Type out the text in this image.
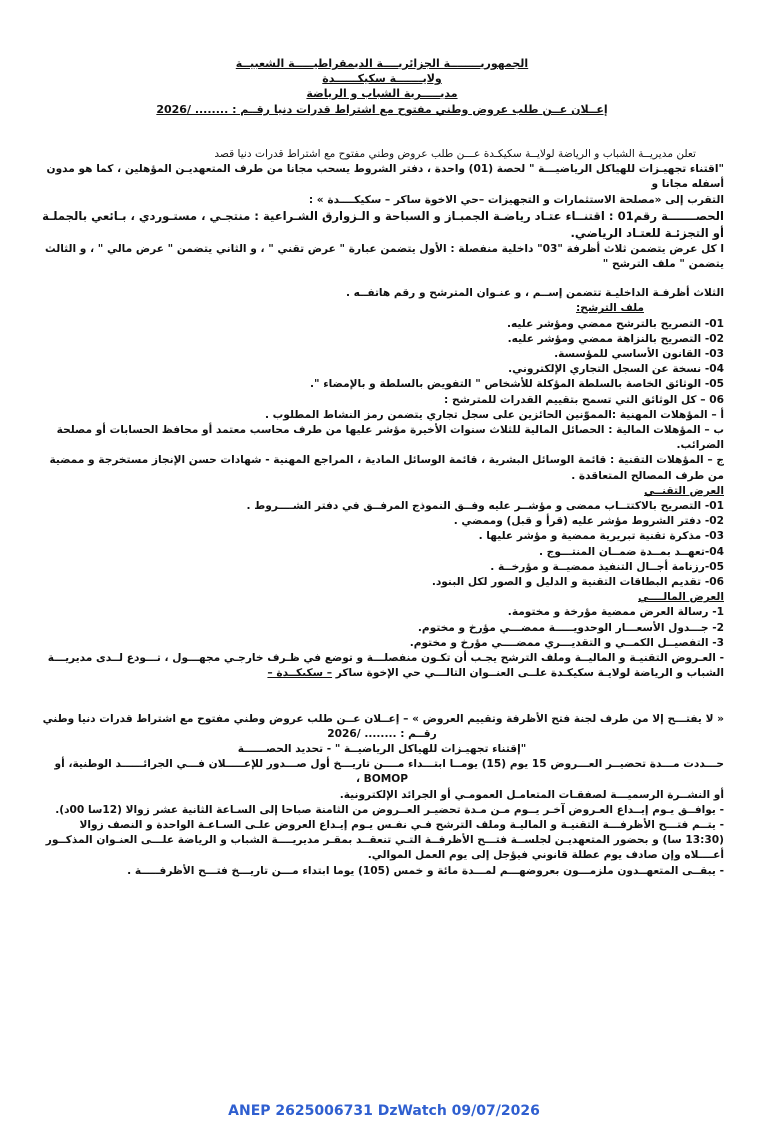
الجمهوريــــــــة الجزائريــــة الديمقراطيـــــة الشعبيــة
ولايـــــــة سكيكــــــدة
مديـــــرية الشباب و الرياضة
إعــلان عــن طلب عروض وطني مفتوح مع اشتراط قدرات دنيا رقــم : ........ /2026

تعلن مديريــة الشباب و الرياضة لولايــة سكيكـدة عـــن طلب عروض وطني مفتوح مع اشتراط قدرات دنيا قصد

"اقتناء تجهيـزات للهياكل الرياضيـــة " لحصة (01) واحدة ، دفتر الشروط يسحب مجانا من طرف المتعهديـن المؤهلين ، كما هو مدون أسفله مجانا و

التقرب إلى «مصلحة الاستثمارات و التجهيزات –حي الاخوة ساكر – سكيكــــدة » :

الحصـــــــة رقم01 : اقتنــاء عتـاد رياضـة الجمبـاز و السباحة و الـزوارق الشـراعية : منتجـي ، مستـوردي ، بـائعي بالجملـة أو التجزئـة للعتـاد الرياضي.

ا كل عرض يتضمن ثلاث أظرفة "03" داخلية منفصلة : الأول يتضمن عبارة " عرض تقني " ، و الثاني يتضمن " عرض مالي " ، و الثالث يتضمن " ملف الترشح "

الثلاث أظرفـة الداخليـة تتضمن إســم ، و عنـوان المترشح و رقم هاتفــه .

ملف الترشح:

01- التصريح بالترشح ممضي ومؤشر عليه.

02- التصريح بالنزاهة ممضي ومؤشر عليه.

03- القانون الأساسي للمؤسسة.

04- نسخة عن السجل التجاري الإلكتروني.

05- الوثائق الخاصة بالسلطة المؤكلة للأشخاص " التفويض بالسلطة و بالإمضاء ".

06 – كل الوثائق التي تسمح بتقييم القدرات للمترشح :

أ – المؤهلات المهنية :المموّنين الحائزين على سجل تجاري يتضمن رمز النشاط المطلوب .

ب – المؤهلات المالية : الحصائل المالية للثلاث سنوات الأخيرة مؤشر عليها من طرف محاسب معتمد أو محافظ الحسابات أو مصلحة الضرائب.

ج – المؤهلات التقنية : قائمة الوسائل البشرية ، قائمة الوسائل المادية ، المراجع المهنية - شهادات حسن الإنجاز مستخرجة و ممضية من طرف المصالح المتعاقدة .

العرض التقنــي

01- التصريح بالاكتتــاب ممضى و مؤشــر عليه وفــق النموذج المرفــق في دفتر الشــــروط .

02- دفتر الشروط مؤشر عليه (قرأ و قبل) وممضي .

03- مذكرة تقنية تبريرية ممضية و مؤشر عليها .

04-تعهــد بمــدة ضمــان المنتـــوج .

05-رزنامة أجــال التنفيذ ممضيــة و مؤرخــة .

06- تقديم البطاقات التقنية و الدليل و الصور لكل البنود.

العرض المالــــي

1- رسالة العرض ممضية مؤرخة و مختومة.

2- جـــدول الأسعـــار الوحدويـــــة ممضـــي مؤرخ و مختوم.

3- التفصيــل الكمــي و التقديـــري ممضــــي مؤرخ و مختوم.

- العـروض التقنيـة و الماليــة وملف الترشح يجـب أن تكـون منفصلـــة و توضع في ظـرف خارجـي مجهـــول ، تـــودع لــدى مديريـــة الشباب و الرياضة لولايـة سكيكـدة علــى العنــوان التالـــي حي الإخوة ساكر – سكيكــدة –

« لا يفتـــح إلا من طرف لجنة فتح الأظرفة وتقييم العروض » – إعــلان عــن طلب عروض وطني مفتوح مع اشتراط قدرات دنيا وطني

رقــم : ........ /2026

"إقتناء تجهيـزات للهياكل الرياضيــة " - تحديد الحصــــــة

حـــددت مـــدة تحضيــر العـــروض 15 يوم (15) يومــا ابتـــداء مــــن تاريـــخ أول صـــدور للإعـــــلان فـــي الجرائــــــد الوطنية، أو

BOMOP ،

أو النشــرة الرسميـــة لصفقـات المتعامـل العمومـي أو الجرائد الإلكترونية.

- يوافــق يـوم إيــداع العـروض آخـر يــوم مـن مـدة تحضيـر العــروض من الثامنة صباحا إلى السـاعة الثانية عشر زوالا (12سا 00د).

- يتــم فتـــح الأظرفـــة التقنيـة و الماليـة وملف الترشح فـي نفـس يـوم إيـداع العروض علـى السـاعـة الواحدة و النصف زوالا (13:30 سا) و بحضور المتعهديـن لجلســة فتـــح الأظرفــة التـي تنعقــد بمقـر مديريــــة الشباب و الرياضة علـــى العنـوان المذكــور أعــــلاه وإن صادف يوم عطلة قانوني فيؤجل إلى يوم العمل الموالي.

- يبقــى المتعهــدون ملزمـــون بعروضهـــم لمـــدة مائة و خمس (105) يوما ابتداء مـــن تاريـــخ فتـــح الأظرفـــــة .

ANEP 2625006731 DzWatch 09/07/2026
